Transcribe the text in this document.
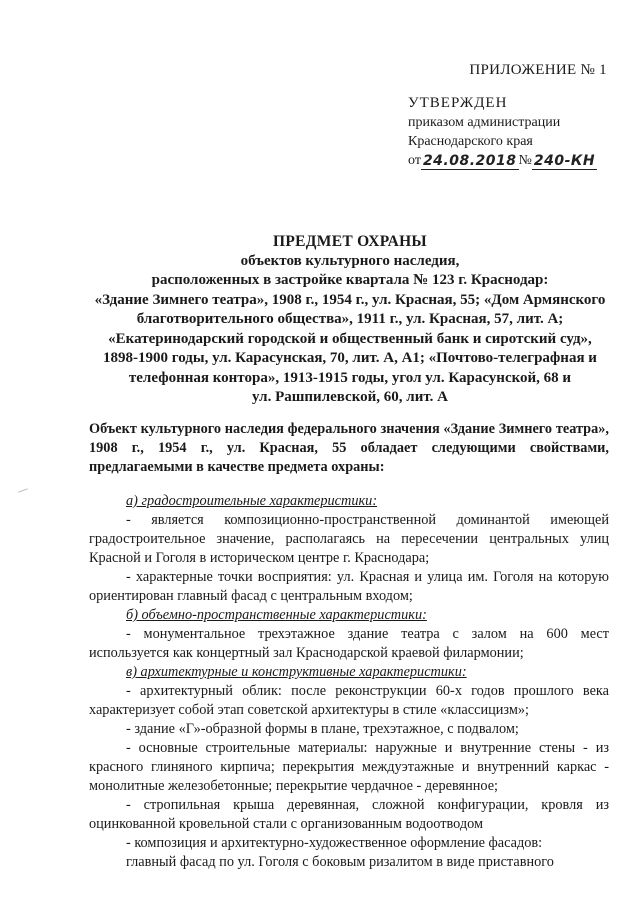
ПРИЛОЖЕНИЕ № 1
УТВЕРЖДЕН
приказом администрации
Краснодарского края
от 24.08.2018 № 240-КН
ПРЕДМЕТ ОХРАНЫ
объектов культурного наследия,
расположенных в застройке квартала № 123 г. Краснодар:
«Здание Зимнего театра», 1908 г., 1954 г., ул. Красная, 55; «Дом Армянского
благотворительного общества», 1911 г., ул. Красная, 57, лит. А;
«Екатеринодарский городской и общественный банк и сиротский суд»,
1898-1900 годы, ул. Карасунская, 70, лит. А, А1; «Почтово-телеграфная и
телефонная контора», 1913-1915 годы, угол ул. Карасунской, 68 и
ул. Рашпилевской, 60, лит. А
Объект культурного наследия федерального значения «Здание Зимнего театра», 1908 г., 1954 г., ул. Красная, 55 обладает следующими свойствами, предлагаемыми в качестве предмета охраны:
а) градостроительные характеристики:
- является композиционно-пространственной доминантой имеющей градостроительное значение, располагаясь на пересечении центральных улиц Красной и Гоголя в историческом центре г. Краснодара;
- характерные точки восприятия: ул. Красная и улица им. Гоголя на которую ориентирован главный фасад с центральным входом;
б) объемно-пространственные характеристики:
- монументальное трехэтажное здание театра с залом на 600 мест используется как концертный зал Краснодарской краевой филармонии;
в) архитектурные и конструктивные характеристики:
- архитектурный облик: после реконструкции 60-х годов прошлого века характеризует собой этап советской архитектуры в стиле «классицизм»;
- здание «Г»-образной формы в плане, трехэтажное, с подвалом;
- основные строительные материалы: наружные и внутренние стены - из красного глиняного кирпича; перекрытия междуэтажные и внутренний каркас - монолитные железобетонные; перекрытие чердачное - деревянное;
- стропильная крыша деревянная, сложной конфигурации, кровля из оцинкованной кровельной стали с организованным водоотводом
- композиция и архитектурно-художественное оформление фасадов:
главный фасад по ул. Гоголя с боковым ризалитом в виде приставного
